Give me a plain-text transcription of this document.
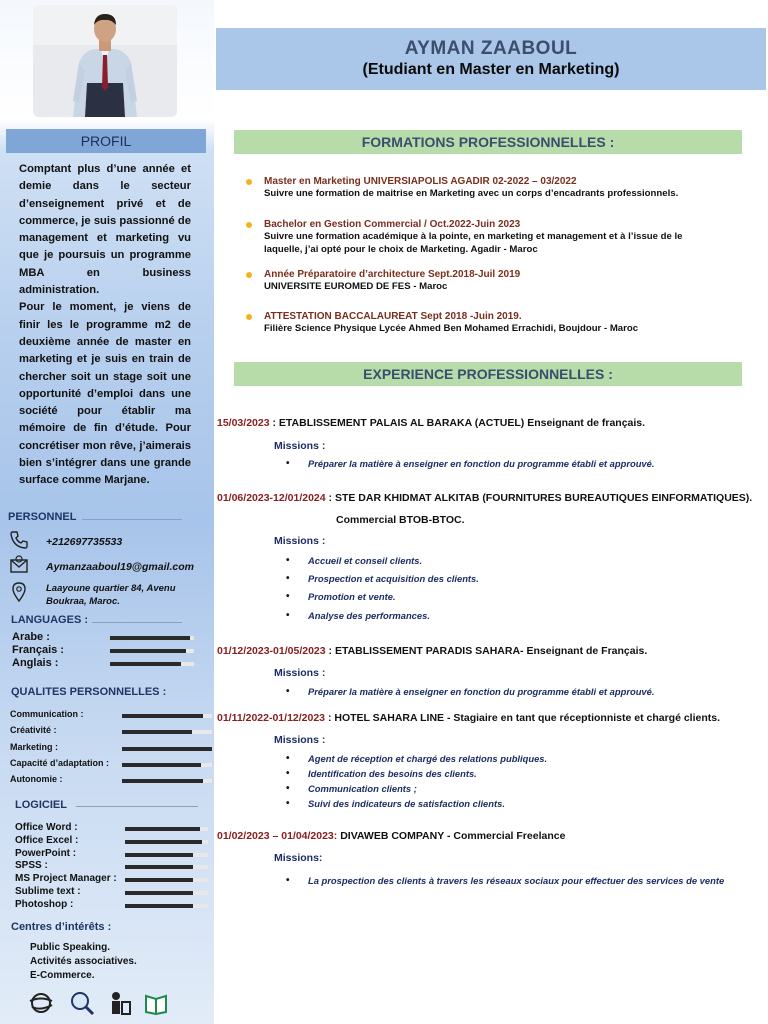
PROFIL

Comptant plus d’une année et demie dans le secteur d’enseignement privé et de commerce, je suis passionné de management et marketing vu que je poursuis un programme MBA en business administration.

Pour le moment, je viens de finir les le programme m2 de deuxième année de master en marketing et je suis en train de chercher soit un stage soit une opportunité d’emploi dans une société pour établir ma mémoire de fin d’étude. Pour concrétiser mon rêve, j’aimerais bien s’intégrer dans une grande surface comme Marjane.

PERSONNEL
+212697735533
Aymanzaaboul19@gmail.com
Laayoune quartier 84, Avenu
Boukraa, Maroc.
LANGUAGES :
Arabe :
Français :
Anglais :
QUALITES PERSONNELLES :
Communication :
Créativité :
Marketing :
Capacité d’adaptation :
Autonomie :
LOGICIEL
Office Word :
Office Excel :
PowerPoint :
SPSS :
MS Project Manager :
Sublime text :
Photoshop :
Centres d’intérêts :
Public Speaking.
Activités associatives.
E-Commerce.
AYMAN ZAABOUL
(Etudiant en Master en Marketing)
FORMATIONS PROFESSIONNELLES :
Master en Marketing UNIVERSIAPOLIS AGADIR 02-2022 – 03/2022
Suivre une formation de maitrise en Marketing avec un corps d’encadrants professionnels.
Bachelor en Gestion Commercial / Oct.2022-Juin 2023
Suivre une formation académique à la pointe, en marketing et management et à l’issue de le
laquelle, j’ai opté pour le choix de Marketing. Agadir - Maroc
Année Préparatoire d’architecture Sept.2018-Juil 2019
UNIVERSITE EUROMED DE FES - Maroc
ATTESTATION BACCALAUREAT Sept 2018 -Juin 2019.
Filière Science Physique Lycée Ahmed Ben Mohamed Errachidi, Boujdour - Maroc
EXPERIENCE PROFESSIONNELLES :
15/03/2023 : ETABLISSEMENT PALAIS AL BARAKA (ACTUEL) Enseignant de français.
Missions :
• Préparer la matière à enseigner en fonction du programme établi et approuvé.
01/06/2023-12/01/2024 : STE DAR KHIDMAT ALKITAB (FOURNITURES BUREAUTIQUES EINFORMATIQUES).
Commercial BTOB-BTOC.
Missions :
• Accueil et conseil clients.
• Prospection et acquisition des clients.
• Promotion et vente.
• Analyse des performances.
01/12/2023-01/05/2023 : ETABLISSEMENT PARADIS SAHARA- Enseignant de Français.
Missions :
• Préparer la matière à enseigner en fonction du programme établi et approuvé.
01/11/2022-01/12/2023 : HOTEL SAHARA LINE - Stagiaire en tant que réceptionniste et chargé clients.
Missions :
• Agent de réception et chargé des relations publiques.
• Identification des besoins des clients.
• Communication clients ;
• Suivi des indicateurs de satisfaction clients.
01/02/2023 – 01/04/2023: DIVAWEB COMPANY - Commercial Freelance
Missions:
• La prospection des clients à travers les réseaux sociaux pour effectuer des services de vente
